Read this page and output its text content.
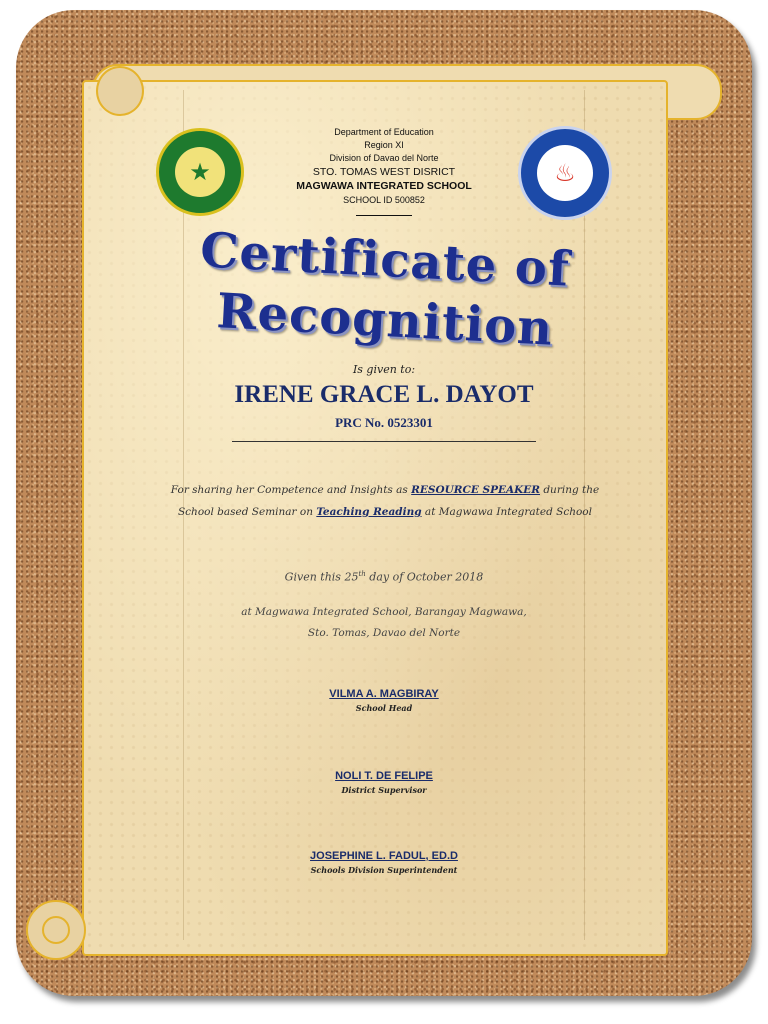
★	♨
Department of Education
Region XI
Division of Davao del Norte
STO. TOMAS WEST DISRICT
MAGWAWA INTEGRATED SCHOOL
SCHOOL ID 500852
Certificate of
Recognition
Is given to:
IRENE GRACE L. DAYOT
PRC No. 0523301
For sharing her Competence and Insights as RESOURCE SPEAKER during the
School based Seminar on Teaching Reading at Magwawa Integrated School
Given this 25th day of October 2018
at Magwawa Integrated School, Barangay Magwawa,
Sto. Tomas, Davao del Norte
VILMA A. MAGBIRAY
School Head
NOLI T. DE FELIPE
District Supervisor
JOSEPHINE L. FADUL, ED.D
Schools Division Superintendent
